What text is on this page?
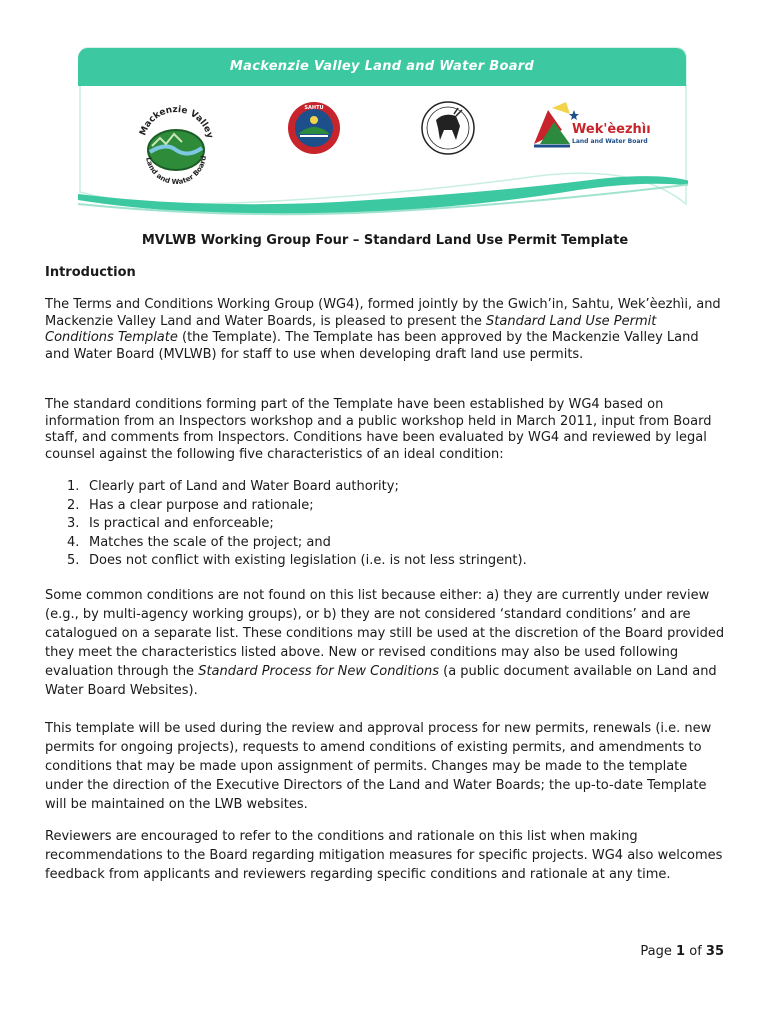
Mackenzie Valley Land and Water Board
Mackenzie Valley
Land and Water Board
SAHTU
Wek'èezhìı
Land and Water Board
MVLWB Working Group Four – Standard Land Use Permit Template
Introduction

The Terms and Conditions Working Group (WG4), formed jointly by the Gwich’in, Sahtu, Wek’èezhìi, and Mackenzie Valley Land and Water Boards, is pleased to present the Standard Land Use Permit Conditions Template (the Template). The Template has been approved by the Mackenzie Valley Land and Water Board (MVLWB) for staff to use when developing draft land use permits.

The standard conditions forming part of the Template have been established by WG4 based on information from an Inspectors workshop and a public workshop held in March 2011, input from Board staff, and comments from Inspectors. Conditions have been evaluated by WG4 and reviewed by legal counsel against the following five characteristics of an ideal condition:

1. Clearly part of Land and Water Board authority;
2. Has a clear purpose and rationale;
3. Is practical and enforceable;
4. Matches the scale of the project; and
5. Does not conflict with existing legislation (i.e. is not less stringent).

Some common conditions are not found on this list because either: a) they are currently under review (e.g., by multi-agency working groups), or b) they are not considered ‘standard conditions’ and are catalogued on a separate list. These conditions may still be used at the discretion of the Board provided they meet the characteristics listed above. New or revised conditions may also be used following evaluation through the Standard Process for New Conditions (a public document available on Land and Water Board Websites).

This template will be used during the review and approval process for new permits, renewals (i.e. new permits for ongoing projects), requests to amend conditions of existing permits, and amendments to conditions that may be made upon assignment of permits. Changes may be made to the template under the direction of the Executive Directors of the Land and Water Boards; the up-to-date Template will be maintained on the LWB websites.

Reviewers are encouraged to refer to the conditions and rationale on this list when making recommendations to the Board regarding mitigation measures for specific projects. WG4 also welcomes feedback from applicants and reviewers regarding specific conditions and rationale at any time.

Page 1 of 35
